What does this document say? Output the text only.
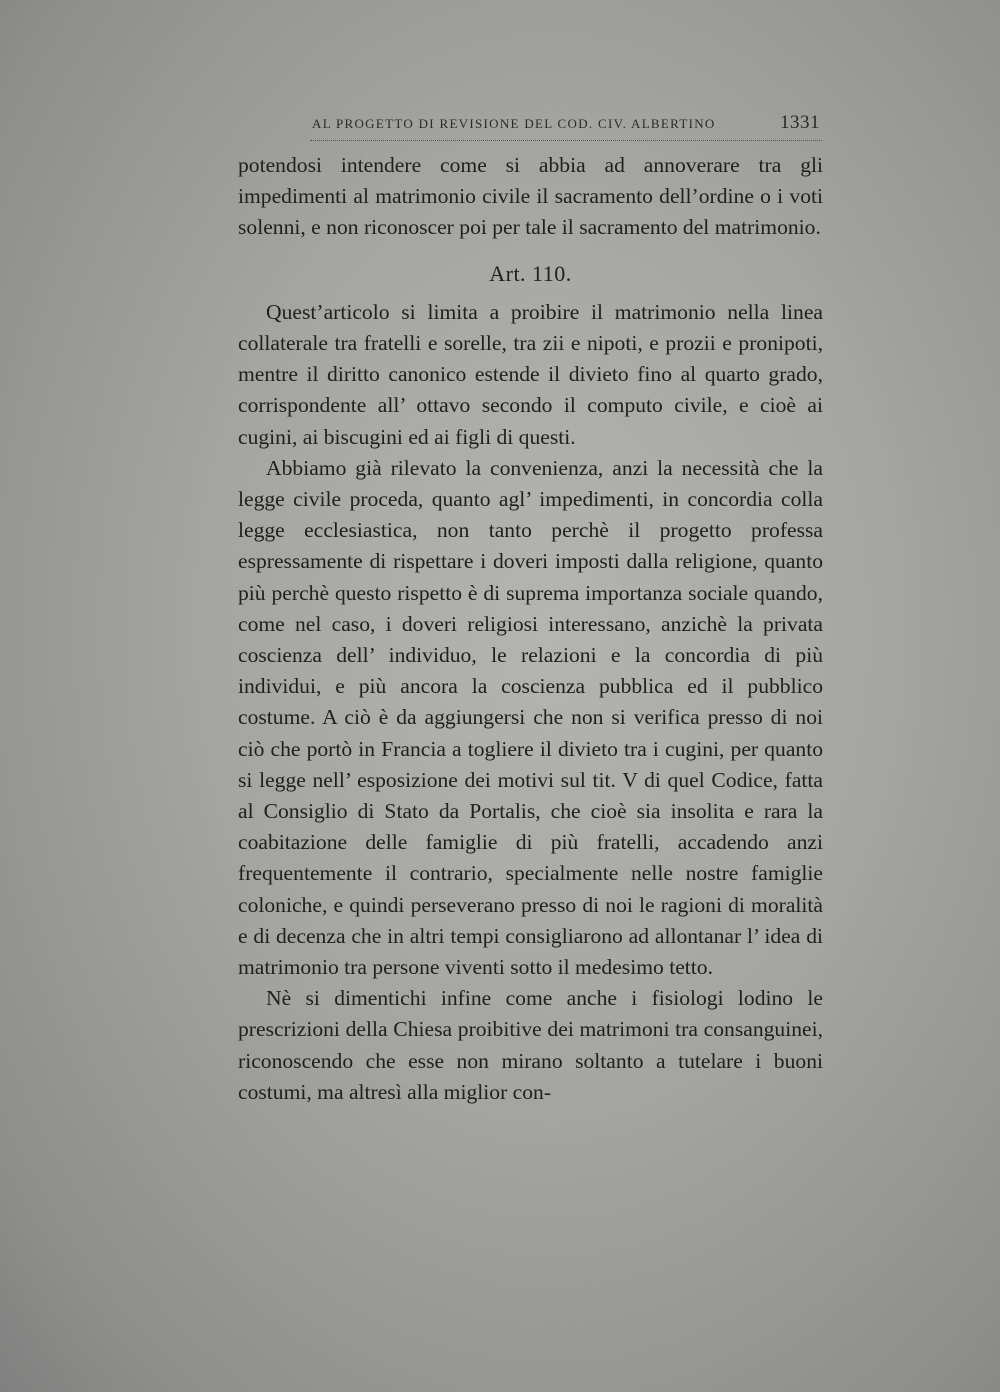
AL PROGETTO DI REVISIONE DEL COD. CIV. ALBERTINO	1331

potendosi intendere come si abbia ad annoverare tra gli impedimenti al matrimonio civile il sacramento dell’ordine o i voti solenni, e non riconoscer poi per tale il sacramento del matrimonio.

Art. 110.

Quest’articolo si limita a proibire il matrimonio nella linea collaterale tra fratelli e sorelle, tra zii e nipoti, e prozii e pronipoti, mentre il diritto canonico estende il divieto fino al quarto grado, corrispondente all’ ottavo secondo il computo civile, e cioè ai cugini, ai biscugini ed ai figli di questi.

Abbiamo già rilevato la convenienza, anzi la necessità che la legge civile proceda, quanto agl’ impedimenti, in concordia colla legge ecclesiastica, non tanto perchè il progetto professa espressamente di rispettare i doveri imposti dalla religione, quanto più perchè questo rispetto è di suprema importanza sociale quando, come nel caso, i doveri religiosi interessano, anzichè la privata coscienza dell’ individuo, le relazioni e la concordia di più individui, e più ancora la coscienza pubblica ed il pubblico costume. A ciò è da aggiungersi che non si verifica presso di noi ciò che portò in Francia a togliere il divieto tra i cugini, per quanto si legge nell’ esposizione dei motivi sul tit. V di quel Codice, fatta al Consiglio di Stato da Portalis, che cioè sia insolita e rara la coabitazione delle famiglie di più fratelli, accadendo anzi frequentemente il contrario, specialmente nelle nostre famiglie coloniche, e quindi perseverano presso di noi le ragioni di moralità e di decenza che in altri tempi consigliarono ad allontanar l’ idea di matrimonio tra persone viventi sotto il medesimo tetto.

Nè si dimentichi infine come anche i fisiologi lodino le prescrizioni della Chiesa proibitive dei matrimoni tra consanguinei, riconoscendo che esse non mirano soltanto a tutelare i buoni costumi, ma altresì alla miglior con-
